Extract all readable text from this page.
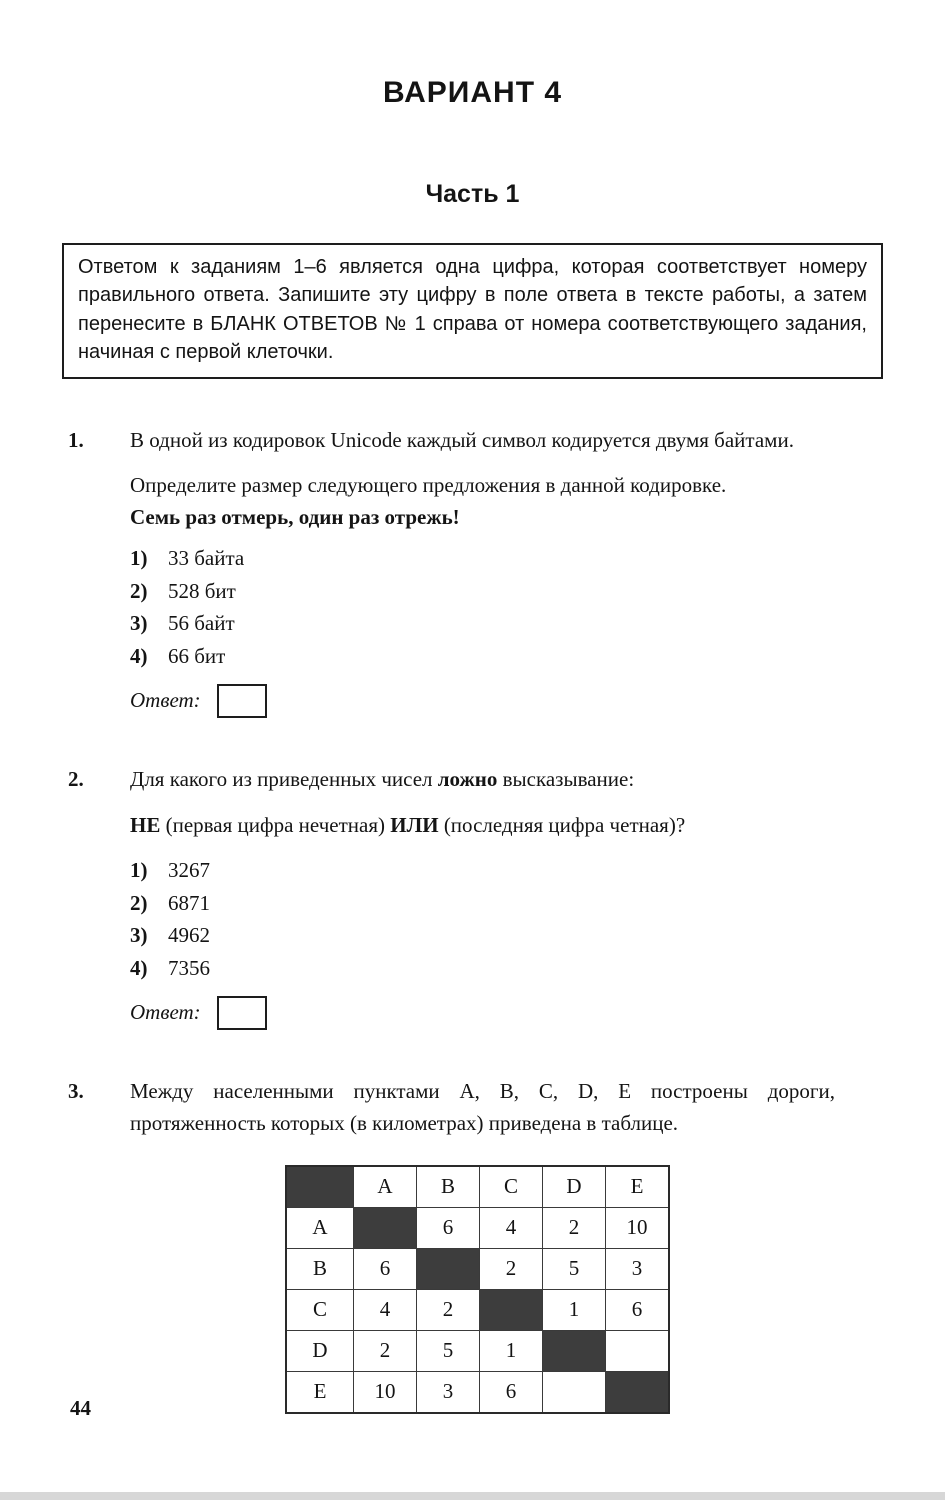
ВАРИАНТ 4
Часть 1
Ответом к заданиям 1–6 является одна цифра, которая соответствует номеру правильного ответа. Запишите эту цифру в поле ответа в тексте работы, а затем перенесите в БЛАНК ОТВЕТОВ № 1 справа от номера соответствующего задания, начиная с первой клеточки.
1.	В одной из кодировок Unicode каждый символ кодируется двумя байтами.

Определите размер следующего предложения в данной кодировке.

Семь раз отмерь, один раз отрежь!

1) 33 байта
2) 528 бит
3) 56 байт
4) 66 бит
Ответ:
2.	Для какого из приведенных чисел ложно высказывание:

НЕ (первая цифра нечетная) ИЛИ (последняя цифра четная)?

1) 3267
2) 6871
3) 4962
4) 7356
Ответ:
3.	Между населенными пунктами A, B, C, D, E построены дороги, протяженность которых (в километрах) приведена в таблице.

	A	B	C	D	E
A		6	4	2	10
B	6		2	5	3
C	4	2		1	6
D	2	5	1		
E	10	3	6		
44
